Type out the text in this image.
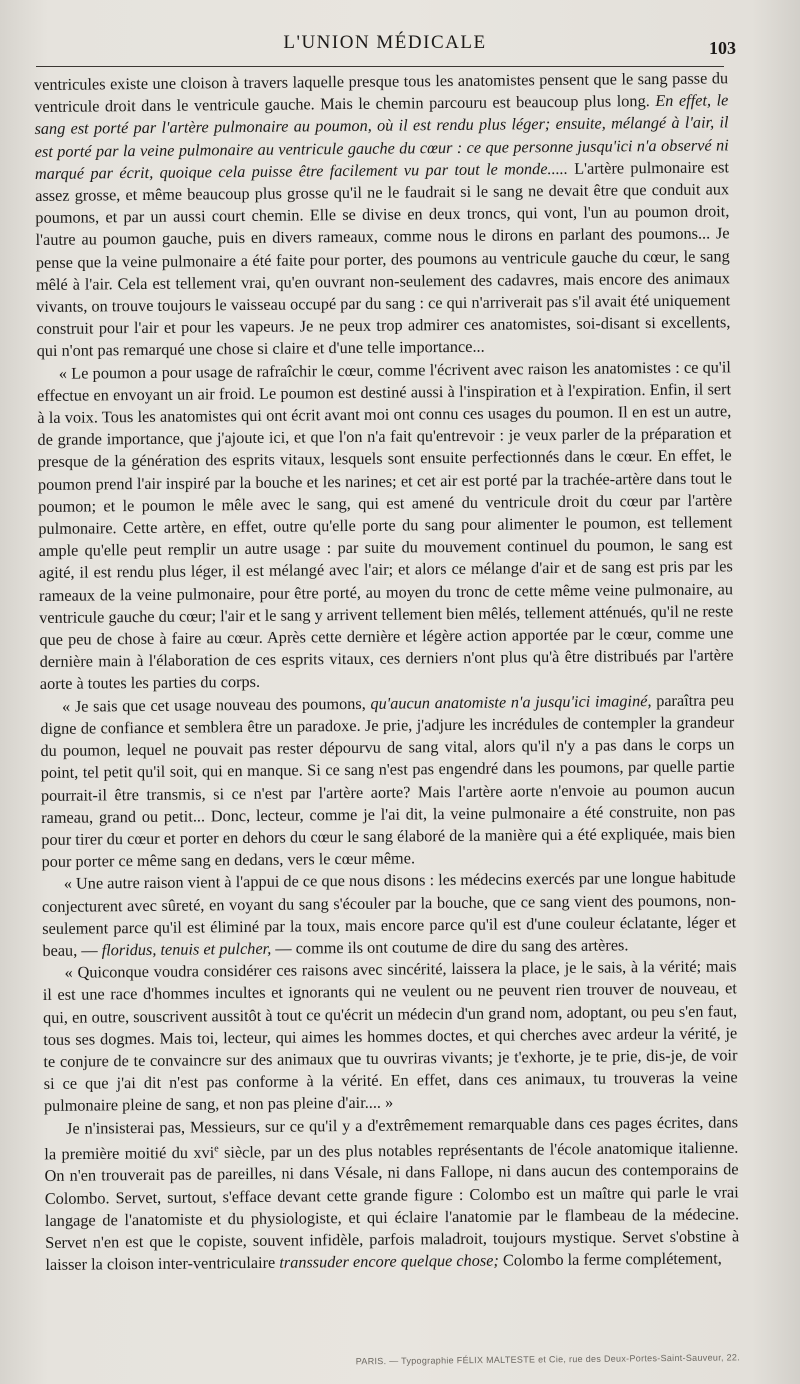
L'UNION MÉDICALE	103

ventricules existe une cloison à travers laquelle presque tous les anatomistes pensent que le sang passe du ventricule droit dans le ventricule gauche. Mais le chemin parcouru est beaucoup plus long. En effet, le sang est porté par l'artère pulmonaire au poumon, où il est rendu plus léger; ensuite, mélangé à l'air, il est porté par la veine pulmonaire au ventricule gauche du cœur : ce que personne jusqu'ici n'a observé ni marqué par écrit, quoique cela puisse être facilement vu par tout le monde..... L'artère pulmonaire est assez grosse, et même beaucoup plus grosse qu'il ne le faudrait si le sang ne devait être que conduit aux poumons, et par un aussi court chemin. Elle se divise en deux troncs, qui vont, l'un au poumon droit, l'autre au poumon gauche, puis en divers rameaux, comme nous le dirons en parlant des poumons... Je pense que la veine pulmonaire a été faite pour porter, des poumons au ventricule gauche du cœur, le sang mêlé à l'air. Cela est tellement vrai, qu'en ouvrant non-seulement des cadavres, mais encore des animaux vivants, on trouve toujours le vaisseau occupé par du sang : ce qui n'arriverait pas s'il avait été uniquement construit pour l'air et pour les vapeurs. Je ne peux trop admirer ces anatomistes, soi-disant si excellents, qui n'ont pas remarqué une chose si claire et d'une telle importance...

« Le poumon a pour usage de rafraîchir le cœur, comme l'écrivent avec raison les anatomistes : ce qu'il effectue en envoyant un air froid. Le poumon est destiné aussi à l'inspiration et à l'expiration. Enfin, il sert à la voix. Tous les anatomistes qui ont écrit avant moi ont connu ces usages du poumon. Il en est un autre, de grande importance, que j'ajoute ici, et que l'on n'a fait qu'entrevoir : je veux parler de la préparation et presque de la génération des esprits vitaux, lesquels sont ensuite perfectionnés dans le cœur. En effet, le poumon prend l'air inspiré par la bouche et les narines; et cet air est porté par la trachée-artère dans tout le poumon; et le poumon le mêle avec le sang, qui est amené du ventricule droit du cœur par l'artère pulmonaire. Cette artère, en effet, outre qu'elle porte du sang pour alimenter le poumon, est tellement ample qu'elle peut remplir un autre usage : par suite du mouvement continuel du poumon, le sang est agité, il est rendu plus léger, il est mélangé avec l'air; et alors ce mélange d'air et de sang est pris par les rameaux de la veine pulmonaire, pour être porté, au moyen du tronc de cette même veine pulmonaire, au ventricule gauche du cœur; l'air et le sang y arrivent tellement bien mêlés, tellement atténués, qu'il ne reste que peu de chose à faire au cœur. Après cette dernière et légère action apportée par le cœur, comme une dernière main à l'élaboration de ces esprits vitaux, ces derniers n'ont plus qu'à être distribués par l'artère aorte à toutes les parties du corps.

« Je sais que cet usage nouveau des poumons, qu'aucun anatomiste n'a jusqu'ici imaginé, paraîtra peu digne de confiance et semblera être un paradoxe. Je prie, j'adjure les incrédules de contempler la grandeur du poumon, lequel ne pouvait pas rester dépourvu de sang vital, alors qu'il n'y a pas dans le corps un point, tel petit qu'il soit, qui en manque. Si ce sang n'est pas engendré dans les poumons, par quelle partie pourrait-il être transmis, si ce n'est par l'artère aorte? Mais l'artère aorte n'envoie au poumon aucun rameau, grand ou petit... Donc, lecteur, comme je l'ai dit, la veine pulmonaire a été construite, non pas pour tirer du cœur et porter en dehors du cœur le sang élaboré de la manière qui a été expliquée, mais bien pour porter ce même sang en dedans, vers le cœur même.

« Une autre raison vient à l'appui de ce que nous disons : les médecins exercés par une longue habitude conjecturent avec sûreté, en voyant du sang s'écouler par la bouche, que ce sang vient des poumons, non-seulement parce qu'il est éliminé par la toux, mais encore parce qu'il est d'une couleur éclatante, léger et beau, — floridus, tenuis et pulcher, — comme ils ont coutume de dire du sang des artères.

« Quiconque voudra considérer ces raisons avec sincérité, laissera la place, je le sais, à la vérité; mais il est une race d'hommes incultes et ignorants qui ne veulent ou ne peuvent rien trouver de nouveau, et qui, en outre, souscrivent aussitôt à tout ce qu'écrit un médecin d'un grand nom, adoptant, ou peu s'en faut, tous ses dogmes. Mais toi, lecteur, qui aimes les hommes doctes, et qui cherches avec ardeur la vérité, je te conjure de te convaincre sur des animaux que tu ouvriras vivants; je t'exhorte, je te prie, dis-je, de voir si ce que j'ai dit n'est pas conforme à la vérité. En effet, dans ces animaux, tu trouveras la veine pulmonaire pleine de sang, et non pas pleine d'air.... »

Je n'insisterai pas, Messieurs, sur ce qu'il y a d'extrêmement remarquable dans ces pages écrites, dans la première moitié du xvi$^e$ siècle, par un des plus notables représentants de l'école anatomique italienne. On n'en trouverait pas de pareilles, ni dans Vésale, ni dans Fallope, ni dans aucun des contemporains de Colombo. Servet, surtout, s'efface devant cette grande figure : Colombo est un maître qui parle le vrai langage de l'anatomiste et du physiologiste, et qui éclaire l'anatomie par le flambeau de la médecine. Servet n'en est que le copiste, souvent infidèle, parfois maladroit, toujours mystique. Servet s'obstine à laisser la cloison inter-ventriculaire transsuder encore quelque chose; Colombo la ferme complétement,

PARIS. — Typographie FÉLIX MALTESTE et Cie, rue des Deux-Portes-Saint-Sauveur, 22.
